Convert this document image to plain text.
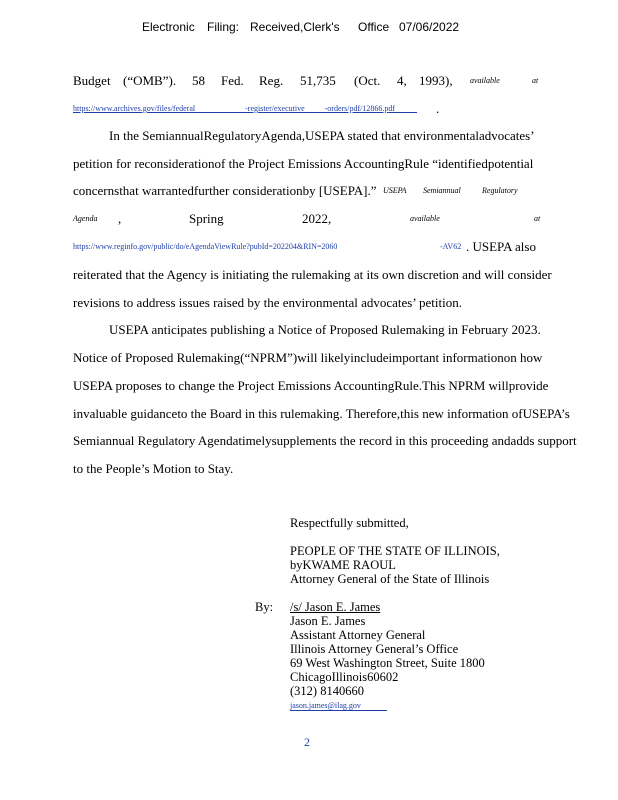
Electronic Filing: Received,Clerk's Office 07/06/2022
Budget (“OMB”). 58 Fed. Reg. 51,735 (Oct. 4, 1993), available	at
https://www.archives.gov/files/federal                         -register/executive          -orders/pdf/12866.pdf .
In the SemiannualRegulatoryAgenda,USEPA stated that environmentaladvocates’
petition for reconsiderationof the Project Emissions AccountingRule “identifiedpotential
concernsthat warrantedfurther considerationby [USEPA].” USEPA Semiannual	Regulatory
Agenda ,	Spring	2022,	available	at
https://www.reginfo.gov/public/do/eAgendaViewRule?pubId=202204&RIN=2060	-AV62 . USEPA also
reiterated that the Agency is initiating the rulemaking at its own discretion and will consider
revisions to address issues raised by the environmental advocates’ petition.
USEPA anticipates publishing a Notice of Proposed Rulemaking in February 2023.
Notice of Proposed Rulemaking(“NPRM”)will likelyincludeimportant informationon how
USEPA proposes to change the Project Emissions AccountingRule.This NPRM willprovide
invaluable guidanceto the Board in this rulemaking. Therefore,this new information ofUSEPA’s
Semiannual Regulatory Agendatimelysupplements the record in this proceeding andadds support
to the People’s Motion to Stay.
Respectfully submitted,
PEOPLE OF THE STATE OF ILLINOIS,
byKWAME RAOUL
Attorney General of the State of Illinois
By: /s/ Jason E. James
Jason E. James
Assistant Attorney General
Illinois Attorney General’s Office
69 West Washington Street, Suite 1800
ChicagoIllinois60602
(312) 8140660
jason.james@ilag.gov
2
